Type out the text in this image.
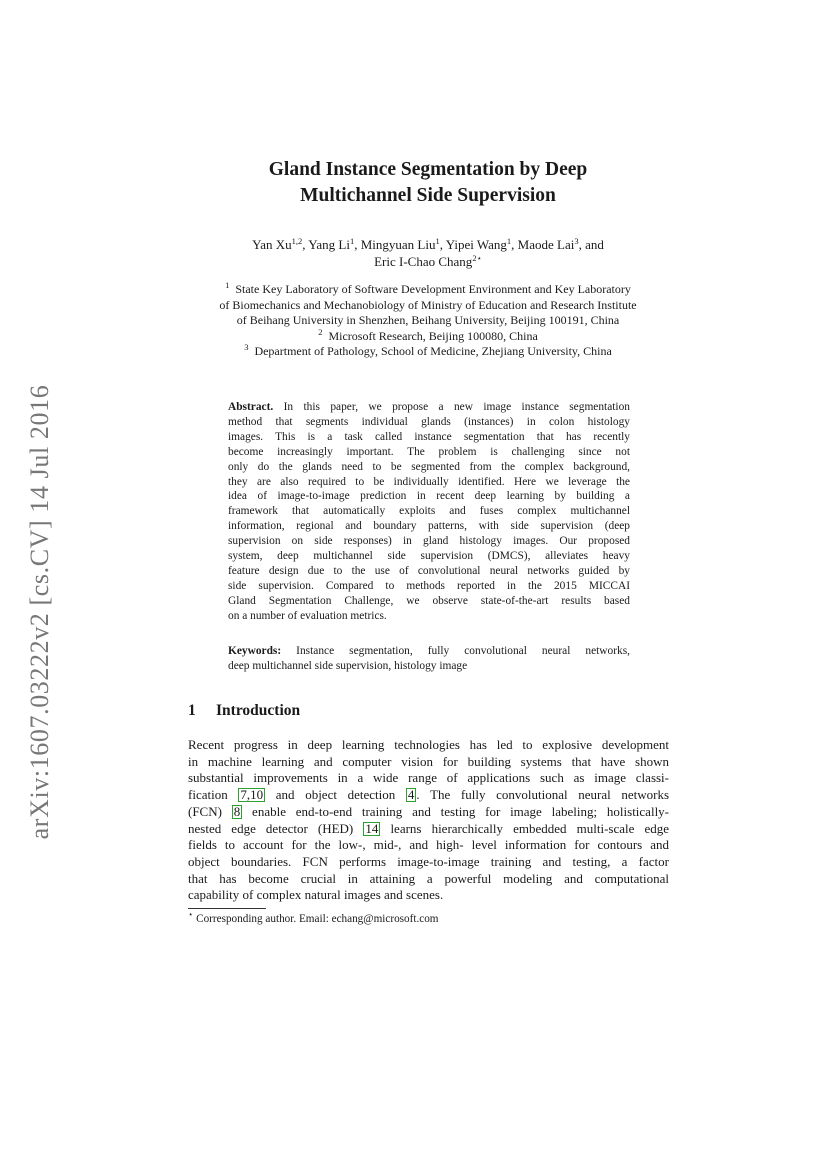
arXiv:1607.03222v2 [cs.CV] 14 Jul 2016
Gland Instance Segmentation by Deep
Multichannel Side Supervision
Yan Xu$^{1,2}$, Yang Li$^1$, Mingyuan Liu$^1$, Yipei Wang$^1$, Maode Lai$^3$, and
Eric I-Chao Chang$^{2⋆}$
$^1$ State Key Laboratory of Software Development Environment and Key Laboratory
of Biomechanics and Mechanobiology of Ministry of Education and Research Institute
of Beihang University in Shenzhen, Beihang University, Beijing 100191, China
$^2$ Microsoft Research, Beijing 100080, China
$^3$ Department of Pathology, School of Medicine, Zhejiang University, China
Abstract. In this paper, we propose a new image instance segmentation
method that segments individual glands (instances) in colon histology
images. This is a task called instance segmentation that has recently
become increasingly important. The problem is challenging since not
only do the glands need to be segmented from the complex background,
they are also required to be individually identified. Here we leverage the
idea of image-to-image prediction in recent deep learning by building a
framework that automatically exploits and fuses complex multichannel
information, regional and boundary patterns, with side supervision (deep
supervision on side responses) in gland histology images. Our proposed
system, deep multichannel side supervision (DMCS), alleviates heavy
feature design due to the use of convolutional neural networks guided by
side supervision. Compared to methods reported in the 2015 MICCAI
Gland Segmentation Challenge, we observe state-of-the-art results based
on a number of evaluation metrics.
Keywords: Instance segmentation, fully convolutional neural networks,
deep multichannel side supervision, histology image
1 Introduction
Recent progress in deep learning technologies has led to explosive development
in machine learning and computer vision for building systems that have shown
substantial improvements in a wide range of applications such as image classi-
fication 7,10 and object detection 4 . The fully convolutional neural networks
(FCN) 8 enable end-to-end training and testing for image labeling; holistically-
nested edge detector (HED) 14 learns hierarchically embedded multi-scale edge
fields to account for the low-, mid-, and high- level information for contours and
object boundaries. FCN performs image-to-image training and testing, a factor
that has become crucial in attaining a powerful modeling and computational
capability of complex natural images and scenes.
⋆ Corresponding author. Email: echang@microsoft.com
